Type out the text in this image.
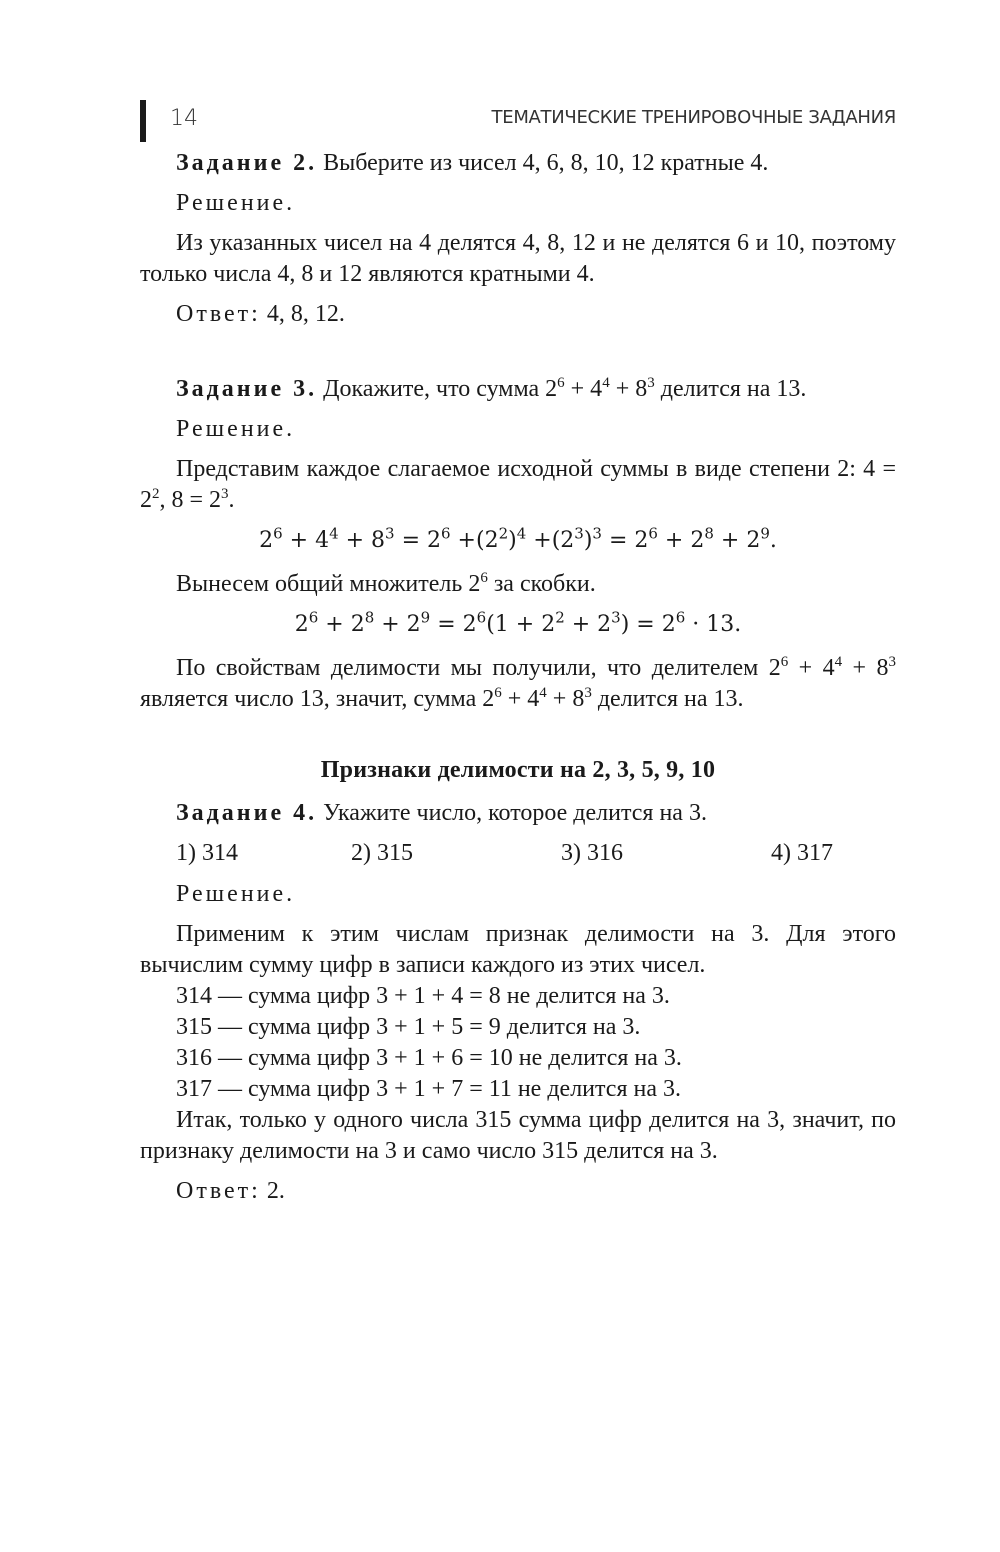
14	ТЕМАТИЧЕСКИЕ ТРЕНИРОВОЧНЫЕ ЗАДАНИЯ

Задание 2. Выберите из чисел 4, 6, 8, 10, 12 кратные 4.

Решение.

Из указанных чисел на 4 делятся 4, 8, 12 и не делятся 6 и 10, поэтому только числа 4, 8 и 12 являются кратными 4.

Ответ: 4, 8, 12.

Задание 3. Докажите, что сумма $2^6 + 4^4 + 8^3$ делится на 13.

Решение.

Представим каждое слагаемое исходной суммы в виде степени 2: $4 = 2^2$, $8 = 2^3$.

$2^6 + 4^4 + 8^3 = 2^6 +(2^2)^4 +(2^3)^3 = 2^6 + 2^8 + 2^9$.

Вынесем общий множитель $2^6$ за скобки.

$2^6 + 2^8 + 2^9 = 2^6(1 + 2^2 + 2^3) = 2^6 \cdot 13$.

По свойствам делимости мы получили, что делителем $2^6 + 4^4 + 8^3$ является число 13, значит, сумма $2^6 + 4^4 + 8^3$ делится на 13.

Признаки делимости на 2, 3, 5, 9, 10

Задание 4. Укажите число, которое делится на 3.

1) 314	2) 315	3) 316	4) 317

Решение.

Применим к этим числам признак делимости на 3. Для этого вычислим сумму цифр в записи каждого из этих чисел.

314 — сумма цифр 3 + 1 + 4 = 8 не делится на 3.

315 — сумма цифр 3 + 1 + 5 = 9 делится на 3.

316 — сумма цифр 3 + 1 + 6 = 10 не делится на 3.

317 — сумма цифр 3 + 1 + 7 = 11 не делится на 3.

Итак, только у одного числа 315 сумма цифр делится на 3, значит, по признаку делимости на 3 и само число 315 делится на 3.

Ответ: 2.
